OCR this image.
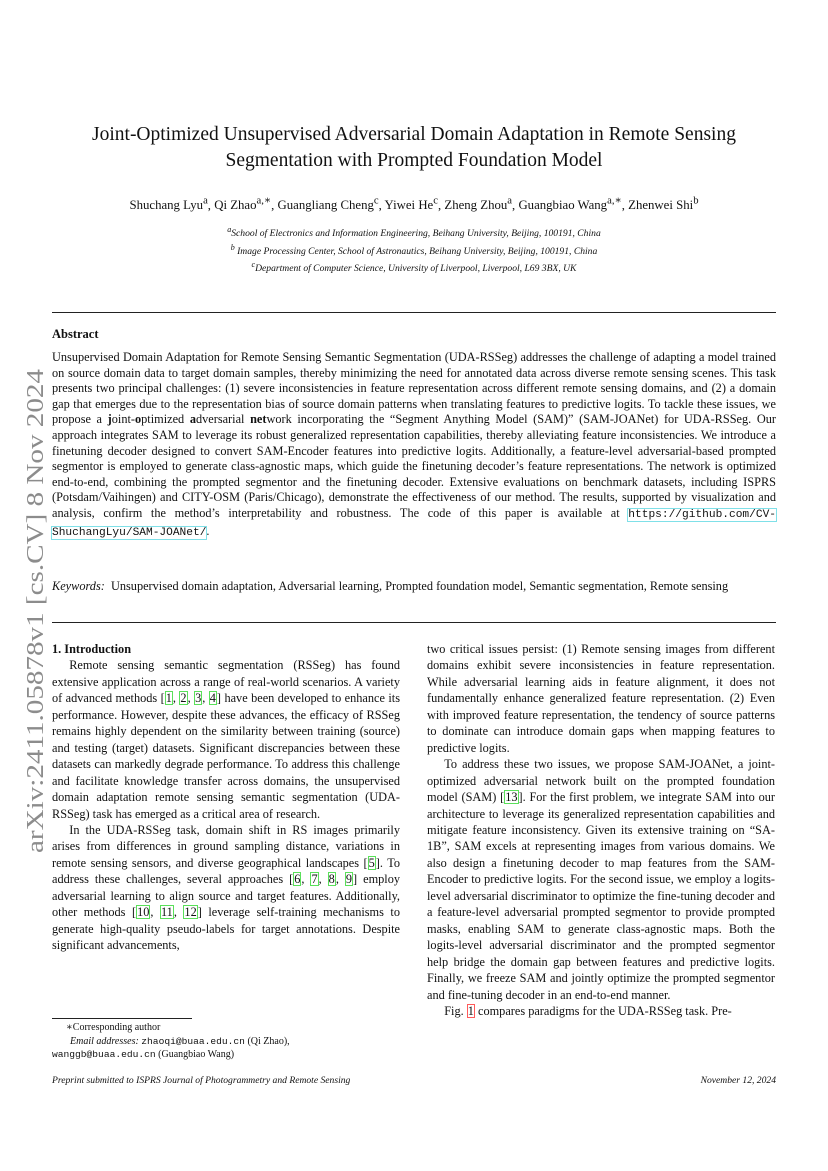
arXiv:2411.05878v1 [cs.CV] 8 Nov 2024
Joint-Optimized Unsupervised Adversarial Domain Adaptation in Remote Sensing
Segmentation with Prompted Foundation Model
Shuchang Lyu$^a$, Qi Zhao$^{a,∗}$, Guangliang Cheng$^c$, Yiwei He$^c$, Zheng Zhou$^a$, Guangbiao Wang$^{a,∗}$, Zhenwei Shi$^b$
$^a$School of Electronics and Information Engineering, Beihang University, Beijing, 100191, China
$^b$ Image Processing Center, School of Astronautics, Beihang University, Beijing, 100191, China
$^c$Department of Computer Science, University of Liverpool, Liverpool, L69 3BX, UK
Abstract

Unsupervised Domain Adaptation for Remote Sensing Semantic Segmentation (UDA-RSSeg) addresses the challenge of adapting a model trained on source domain data to target domain samples, thereby minimizing the need for annotated data across diverse remote sensing scenes. This task presents two principal challenges: (1) severe inconsistencies in feature representation across different remote sensing domains, and (2) a domain gap that emerges due to the representation bias of source domain patterns when translating features to predictive logits. To tackle these issues, we propose a joint-optimized adversarial network incorporating the “Segment Anything Model (SAM)” (SAM-JOANet) for UDA-RSSeg. Our approach integrates SAM to leverage its robust generalized representation capabilities, thereby alleviating feature inconsistencies. We introduce a finetuning decoder designed to convert SAM-Encoder features into predictive logits. Additionally, a feature-level adversarial-based prompted segmentor is employed to generate class-agnostic maps, which guide the finetuning decoder’s feature representations. The network is optimized end-to-end, combining the prompted segmentor and the finetuning decoder. Extensive evaluations on benchmark datasets, including ISPRS (Potsdam/Vaihingen) and CITY-OSM (Paris/Chicago), demonstrate the effectiveness of our method. The results, supported by visualization and analysis, confirm the method’s interpretability and robustness. The code of this paper is available at https://github.com/CV-ShuchangLyu/SAM-JOANet/.

Keywords: Unsupervised domain adaptation, Adversarial learning, Prompted foundation model, Semantic segmentation, Remote sensing

1. Introduction

Remote sensing semantic segmentation (RSSeg) has found extensive application across a range of real-world scenarios. A variety of advanced methods [1, 2, 3, 4] have been developed to enhance its performance. However, despite these advances, the efficacy of RSSeg remains highly dependent on the similarity between training (source) and testing (target) datasets. Significant discrepancies between these datasets can markedly degrade performance. To address this challenge and facilitate knowledge transfer across domains, the unsupervised domain adaptation remote sensing semantic segmentation (UDA-RSSeg) task has emerged as a critical area of research.

In the UDA-RSSeg task, domain shift in RS images primarily arises from differences in ground sampling distance, variations in remote sensing sensors, and diverse geographical landscapes [5]. To address these challenges, several approaches [6, 7, 8, 9] employ adversarial learning to align source and target features. Additionally, other methods [10, 11, 12] leverage self-training mechanisms to generate high-quality pseudo-labels for target annotations. Despite significant advancements,

two critical issues persist: (1) Remote sensing images from different domains exhibit severe inconsistencies in feature representation. While adversarial learning aids in feature alignment, it does not fundamentally enhance generalized feature representation. (2) Even with improved feature representation, the tendency of source patterns to dominate can introduce domain gaps when mapping features to predictive logits.

To address these two issues, we propose SAM-JOANet, a joint-optimized adversarial network built on the prompted foundation model (SAM) [13]. For the first problem, we integrate SAM into our architecture to leverage its generalized representation capabilities and mitigate feature inconsistency. Given its extensive training on “SA-1B”, SAM excels at representing images from various domains. We also design a finetuning decoder to map features from the SAM-Encoder to predictive logits. For the second issue, we employ a logits-level adversarial discriminator to optimize the fine-tuning decoder and a feature-level adversarial prompted segmentor to provide prompted masks, enabling SAM to generate class-agnostic maps. Both the logits-level adversarial discriminator and the prompted segmentor help bridge the domain gap between features and predictive logits. Finally, we freeze SAM and jointly optimize the prompted segmentor and fine-tuning decoder in an end-to-end manner.

Fig. 1 compares paradigms for the UDA-RSSeg task. Pre-

∗Corresponding author
Email addresses: zhaoqi@buaa.edu.cn (Qi Zhao),
wanggb@buaa.edu.cn (Guangbiao Wang)
Preprint submitted to ISPRS Journal of Photogrammetry and Remote Sensing	November 12, 2024
